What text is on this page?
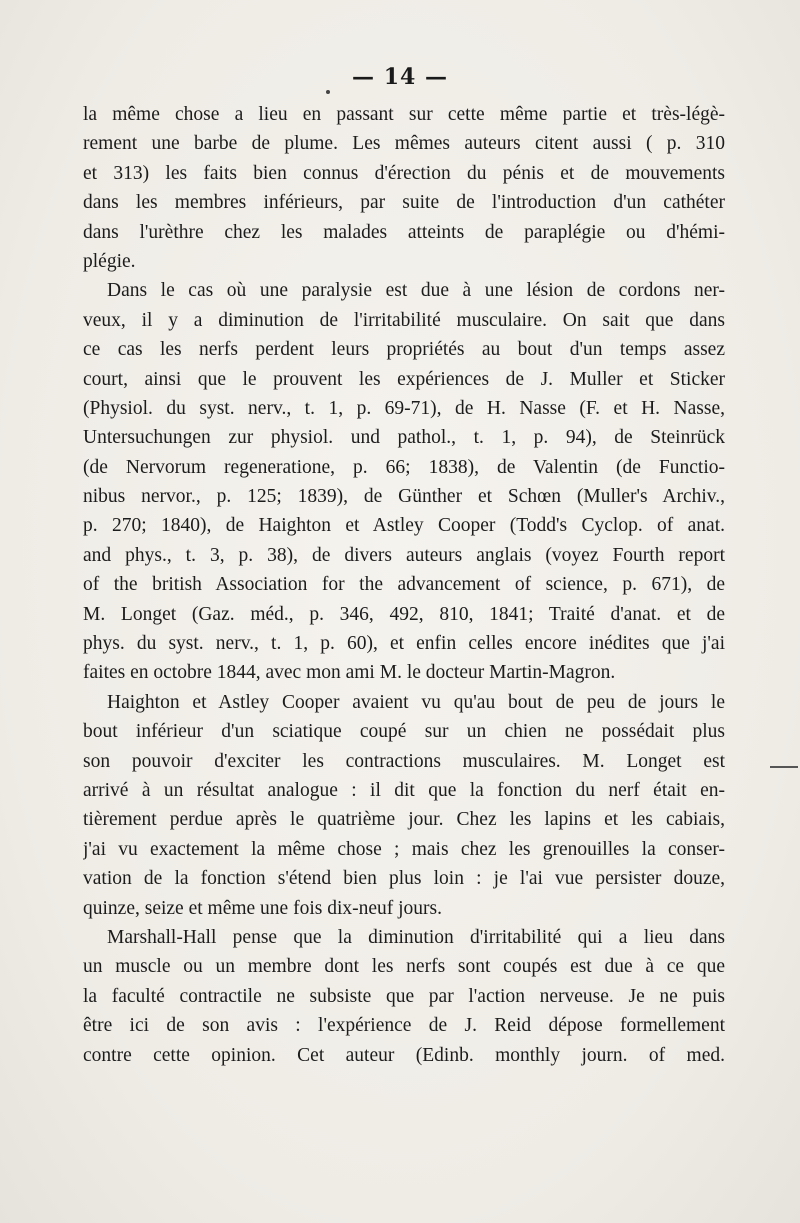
— 14 —
la même chose a lieu en passant sur cette même partie et très-légè-
rement une barbe de plume. Les mêmes auteurs citent aussi ( p. 310
et 313) les faits bien connus d'érection du pénis et de mouvements
dans les membres inférieurs, par suite de l'introduction d'un cathéter
dans l'urèthre chez les malades atteints de paraplégie ou d'hémi-
plégie.
Dans le cas où une paralysie est due à une lésion de cordons ner-
veux, il y a diminution de l'irritabilité musculaire. On sait que dans
ce cas les nerfs perdent leurs propriétés au bout d'un temps assez
court, ainsi que le prouvent les expériences de J. Muller et Sticker
(Physiol. du syst. nerv., t. 1, p. 69-71), de H. Nasse (F. et H. Nasse,
Untersuchungen zur physiol. und pathol., t. 1, p. 94), de Steinrück
(de Nervorum regeneratione, p. 66; 1838), de Valentin (de Functio-
nibus nervor., p. 125; 1839), de Günther et Schœn (Muller's Archiv.,
p. 270; 1840), de Haighton et Astley Cooper (Todd's Cyclop. of anat.
and phys., t. 3, p. 38), de divers auteurs anglais (voyez Fourth report
of the british Association for the advancement of science, p. 671), de
M. Longet (Gaz. méd., p. 346, 492, 810, 1841; Traité d'anat. et de
phys. du syst. nerv., t. 1, p. 60), et enfin celles encore inédites que j'ai
faites en octobre 1844, avec mon ami M. le docteur Martin-Magron.
Haighton et Astley Cooper avaient vu qu'au bout de peu de jours le
bout inférieur d'un sciatique coupé sur un chien ne possédait plus
son pouvoir d'exciter les contractions musculaires. M. Longet est
arrivé à un résultat analogue : il dit que la fonction du nerf était en-
tièrement perdue après le quatrième jour. Chez les lapins et les cabiais,
j'ai vu exactement la même chose ; mais chez les grenouilles la conser-
vation de la fonction s'étend bien plus loin : je l'ai vue persister douze,
quinze, seize et même une fois dix-neuf jours.
Marshall-Hall pense que la diminution d'irritabilité qui a lieu dans
un muscle ou un membre dont les nerfs sont coupés est due à ce que
la faculté contractile ne subsiste que par l'action nerveuse. Je ne puis
être ici de son avis : l'expérience de J. Reid dépose formellement
contre cette opinion. Cet auteur (Edinb. monthly journ. of med.
